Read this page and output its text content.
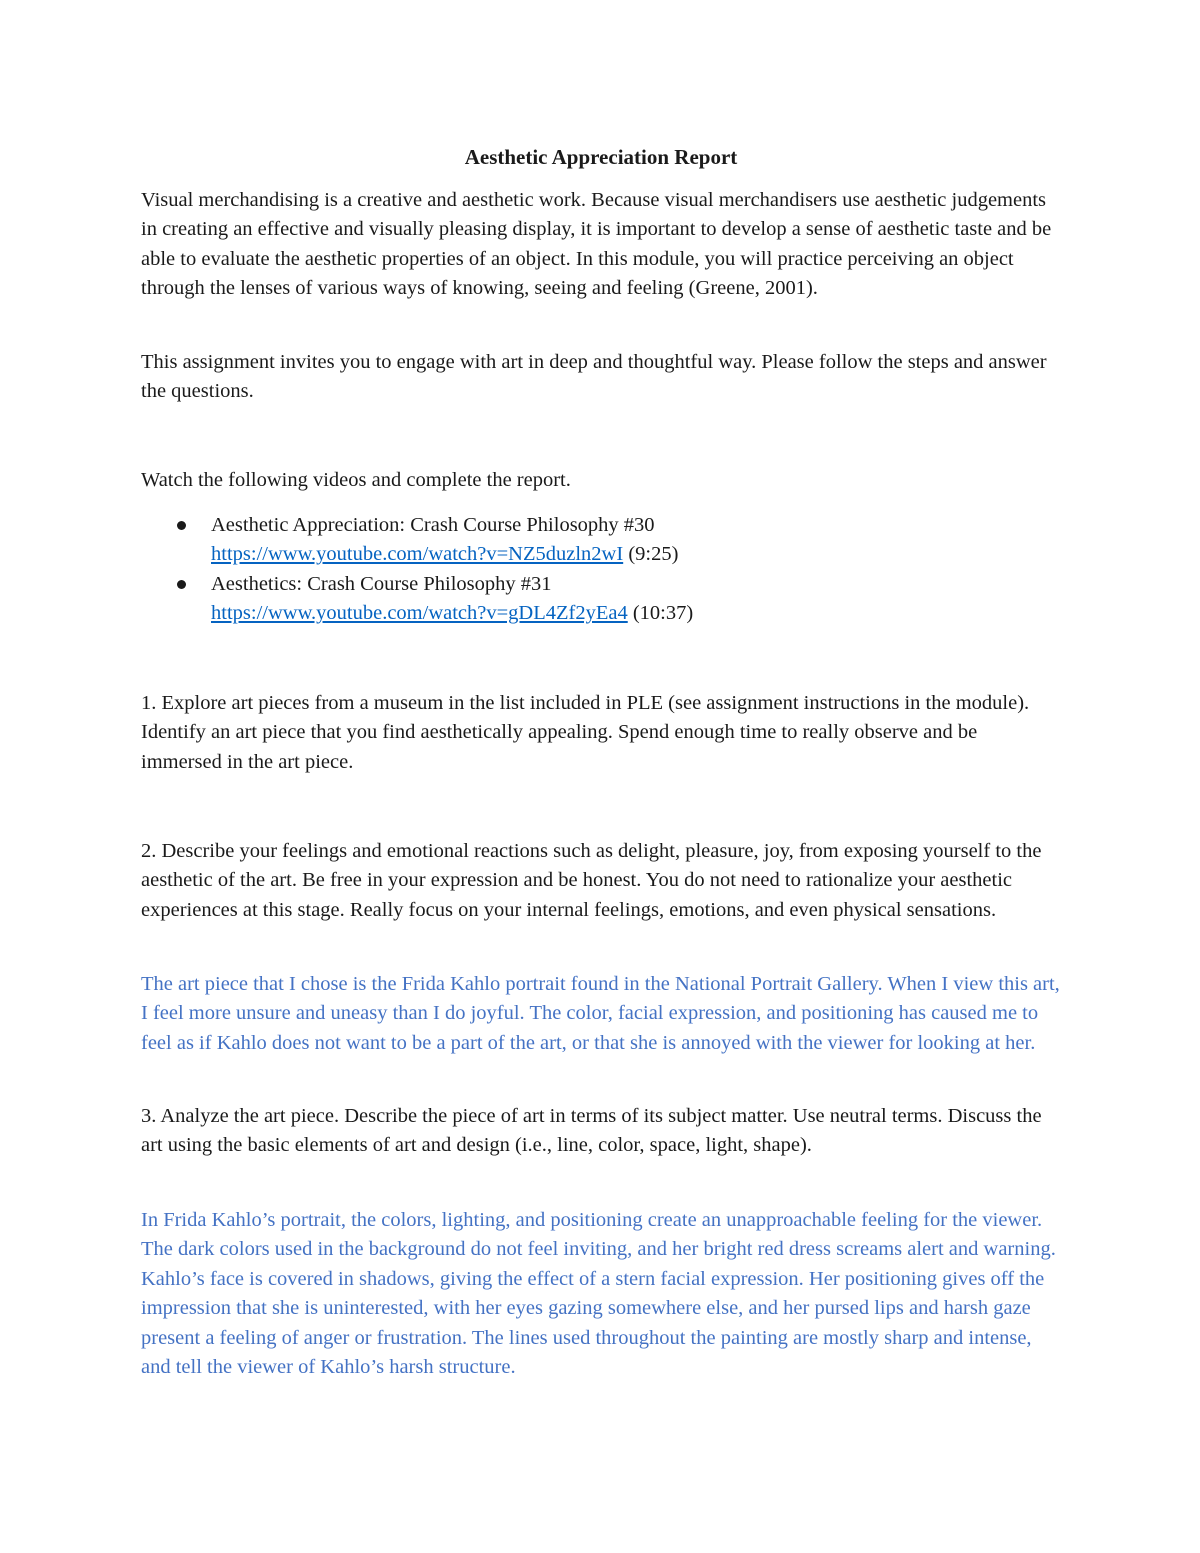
Aesthetic Appreciation Report

Visual merchandising is a creative and aesthetic work. Because visual merchandisers use aesthetic judgements in creating an effective and visually pleasing display, it is important to develop a sense of aesthetic taste and be able to evaluate the aesthetic properties of an object. In this module, you will practice perceiving an object through the lenses of various ways of knowing, seeing and feeling (Greene, 2001).

This assignment invites you to engage with art in deep and thoughtful way. Please follow the steps and answer the questions.

Watch the following videos and complete the report.

Aesthetic Appreciation: Crash Course Philosophy #30
https://www.youtube.com/watch?v=NZ5duzln2wI (9:25)
Aesthetics: Crash Course Philosophy #31
https://www.youtube.com/watch?v=gDL4Zf2yEa4 (10:37)

1. Explore art pieces from a museum in the list included in PLE (see assignment instructions in the module). Identify an art piece that you find aesthetically appealing. Spend enough time to really observe and be immersed in the art piece.

2. Describe your feelings and emotional reactions such as delight, pleasure, joy, from exposing yourself to the aesthetic of the art. Be free in your expression and be honest. You do not need to rationalize your aesthetic experiences at this stage. Really focus on your internal feelings, emotions, and even physical sensations.

The art piece that I chose is the Frida Kahlo portrait found in the National Portrait Gallery. When I view this art, I feel more unsure and uneasy than I do joyful. The color, facial expression, and positioning has caused me to feel as if Kahlo does not want to be a part of the art, or that she is annoyed with the viewer for looking at her.

3. Analyze the art piece. Describe the piece of art in terms of its subject matter. Use neutral terms. Discuss the art using the basic elements of art and design (i.e., line, color, space, light, shape).

In Frida Kahlo’s portrait, the colors, lighting, and positioning create an unapproachable feeling for the viewer. The dark colors used in the background do not feel inviting, and her bright red dress screams alert and warning. Kahlo’s face is covered in shadows, giving the effect of a stern facial expression. Her positioning gives off the impression that she is uninterested, with her eyes gazing somewhere else, and her pursed lips and harsh gaze present a feeling of anger or frustration. The lines used throughout the painting are mostly sharp and intense, and tell the viewer of Kahlo’s harsh structure.
